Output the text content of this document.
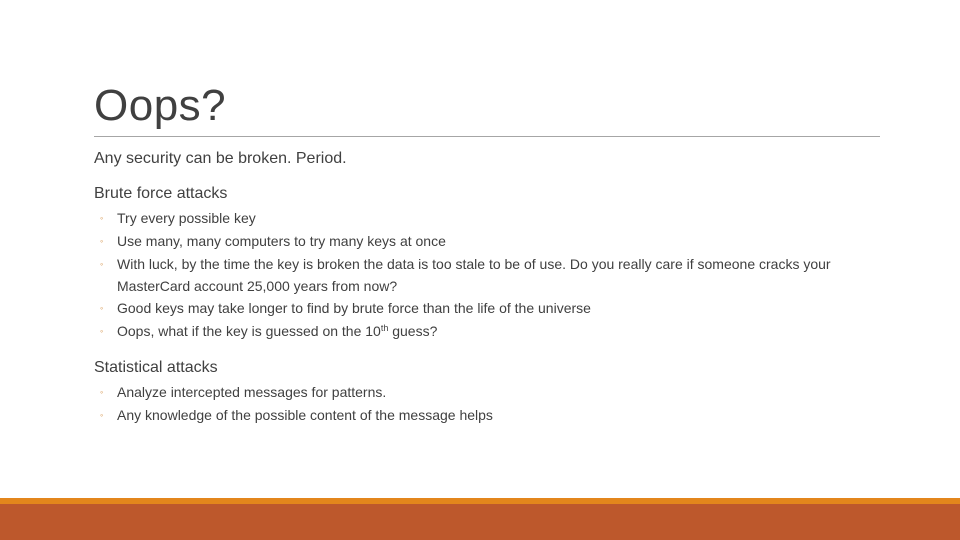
Oops?
Any security can be broken. Period.
Brute force attacks
◦ Try every possible key
◦ Use many, many computers to try many keys at once
◦ With luck, by the time the key is broken the data is too stale to be of use. Do you really care if someone cracks your MasterCard account 25,000 years from now?
◦ Good keys may take longer to find by brute force than the life of the universe
◦ Oops, what if the key is guessed on the 10th guess?
Statistical attacks
◦ Analyze intercepted messages for patterns.
◦ Any knowledge of the possible content of the message helps
